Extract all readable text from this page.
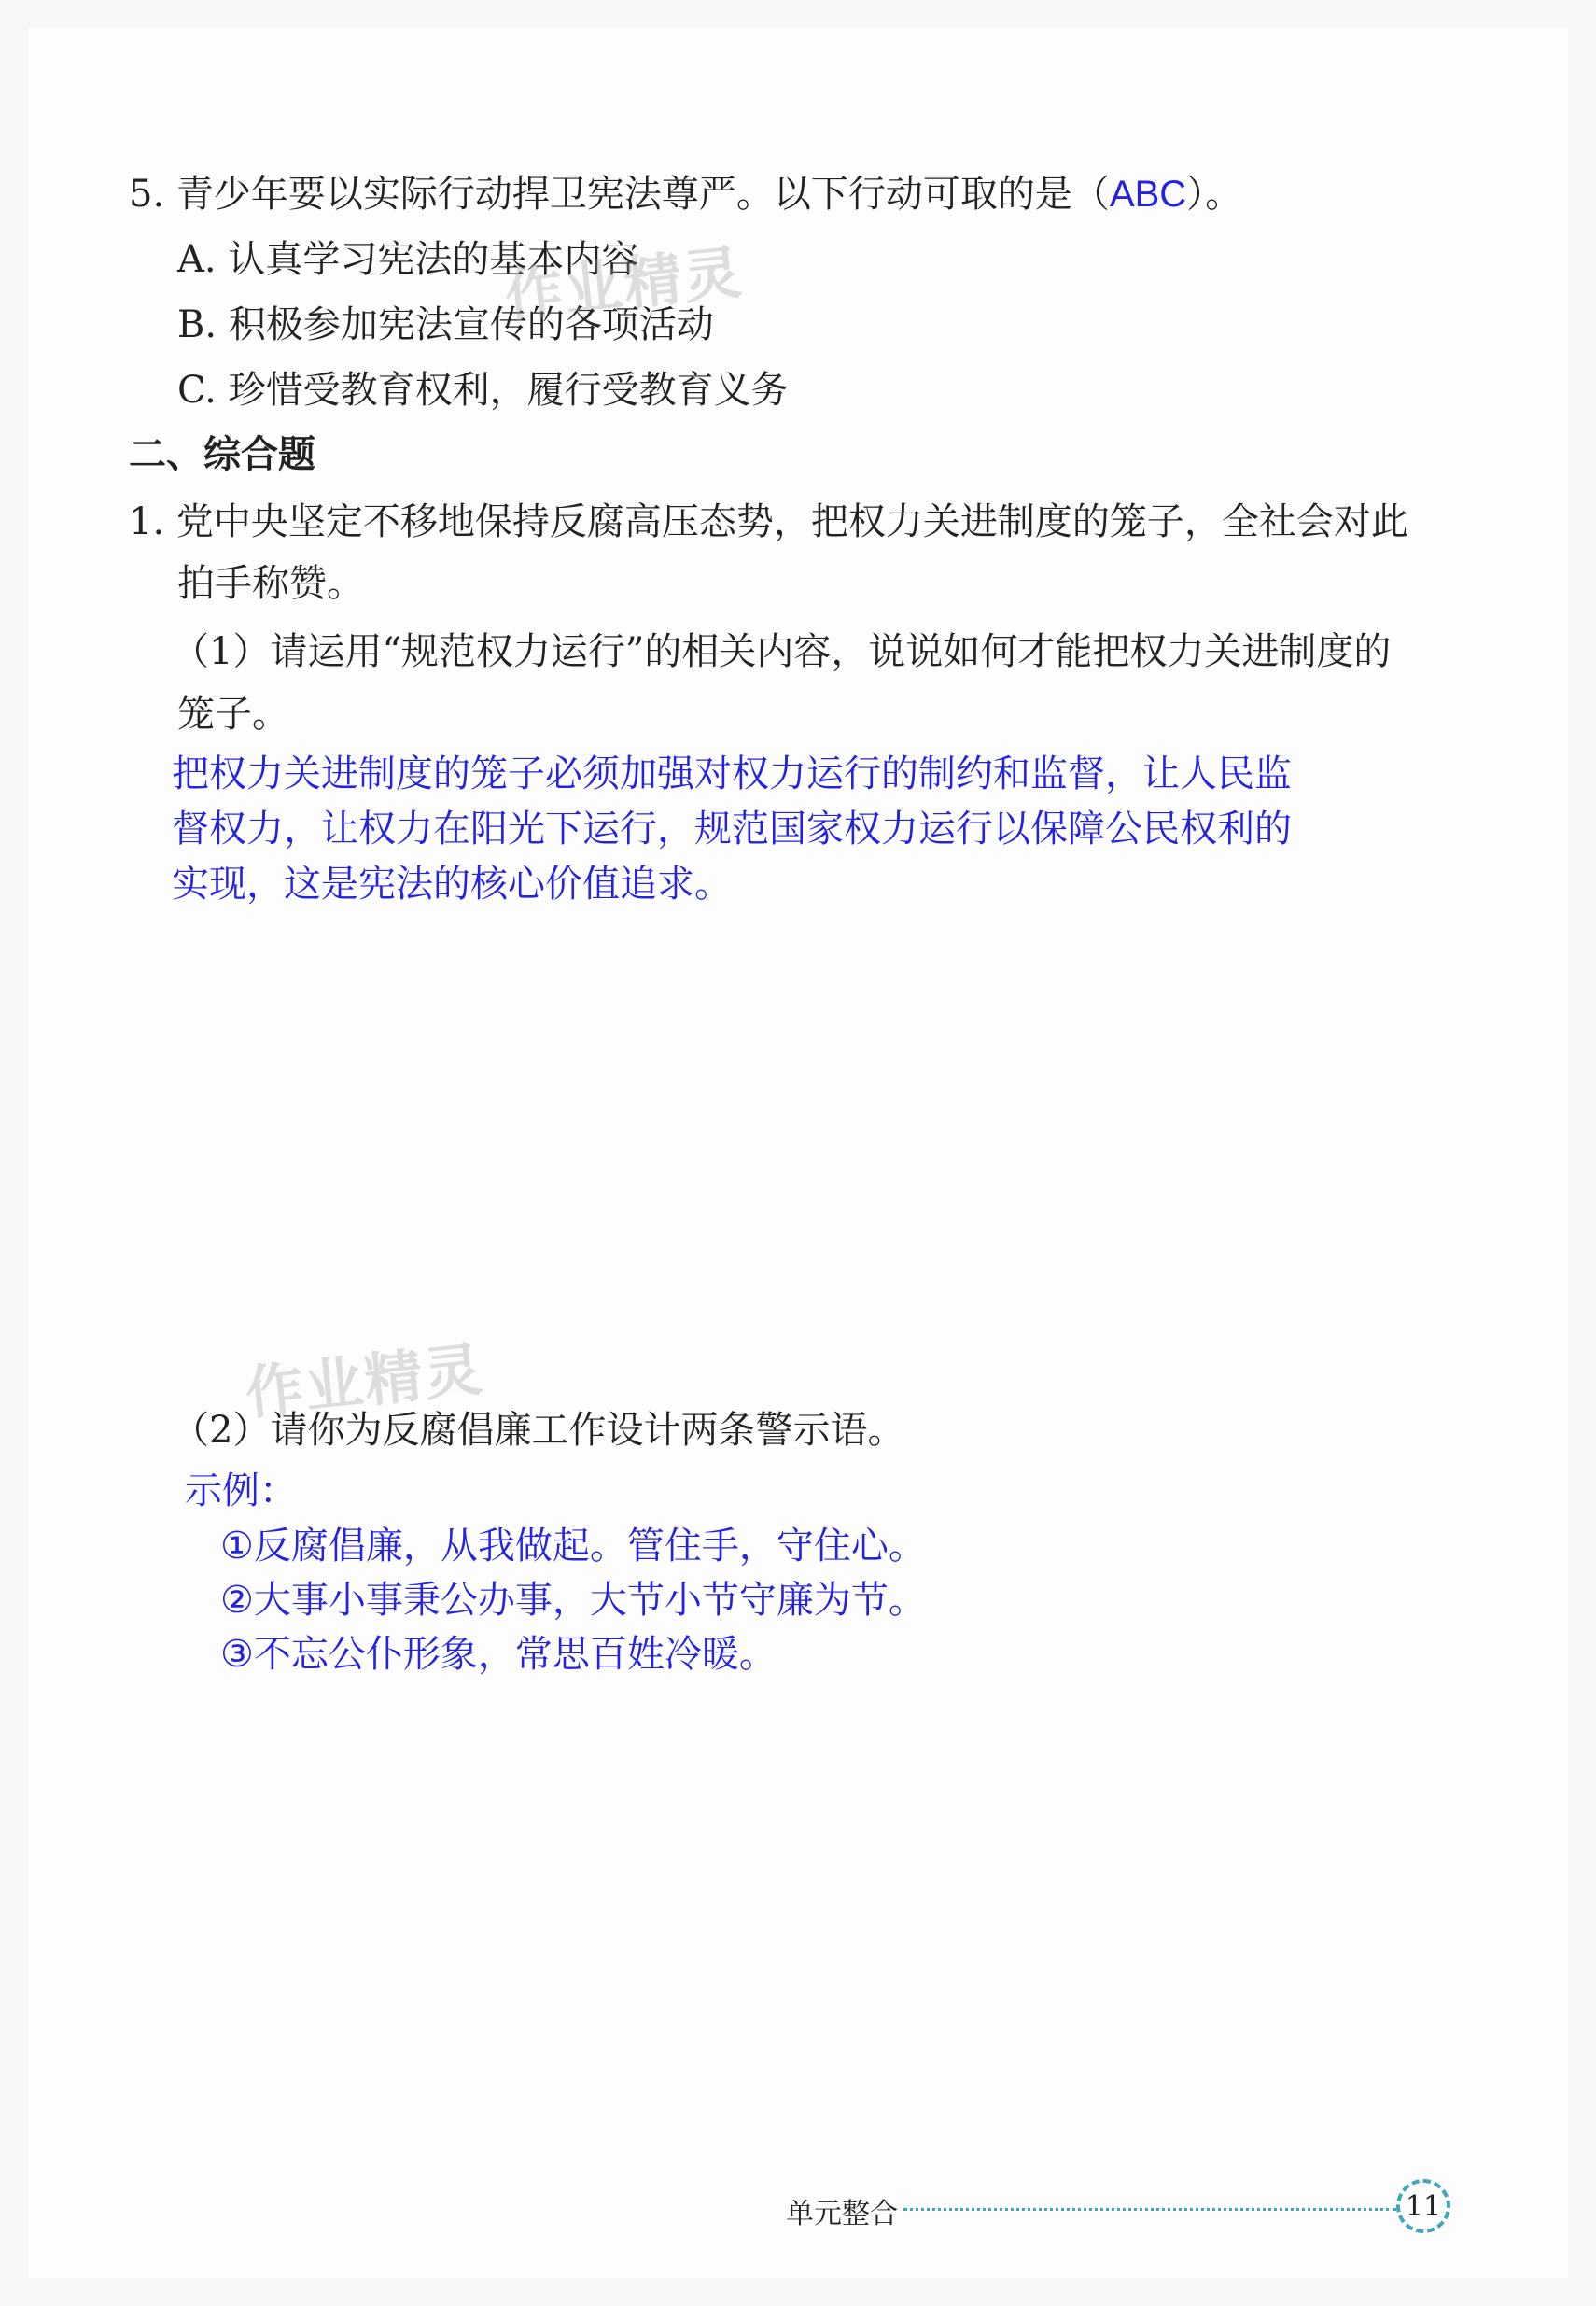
5. 青少年要以实际行动捍卫宪法尊严。以下行动可取的是（ABC）。
A. 认真学习宪法的基本内容
B. 积极参加宪法宣传的各项活动
C. 珍惜受教育权利，履行受教育义务
二、综合题
1. 党中央坚定不移地保持反腐高压态势，把权力关进制度的笼子，全社会对此
拍手称赞。
（1）请运用“规范权力运行”的相关内容，说说如何才能把权力关进制度的
笼子。
把权力关进制度的笼子必须加强对权力运行的制约和监督，让人民监
督权力，让权力在阳光下运行，规范国家权力运行以保障公民权利的
实现，这是宪法的核心价值追求。
（2）请你为反腐倡廉工作设计两条警示语。
示例：
①反腐倡廉，从我做起。管住手，守住心。
②大事小事秉公办事，大节小节守廉为节。
③不忘公仆形象，常思百姓冷暖。
作业精灵
作业精灵
单元整合	11
